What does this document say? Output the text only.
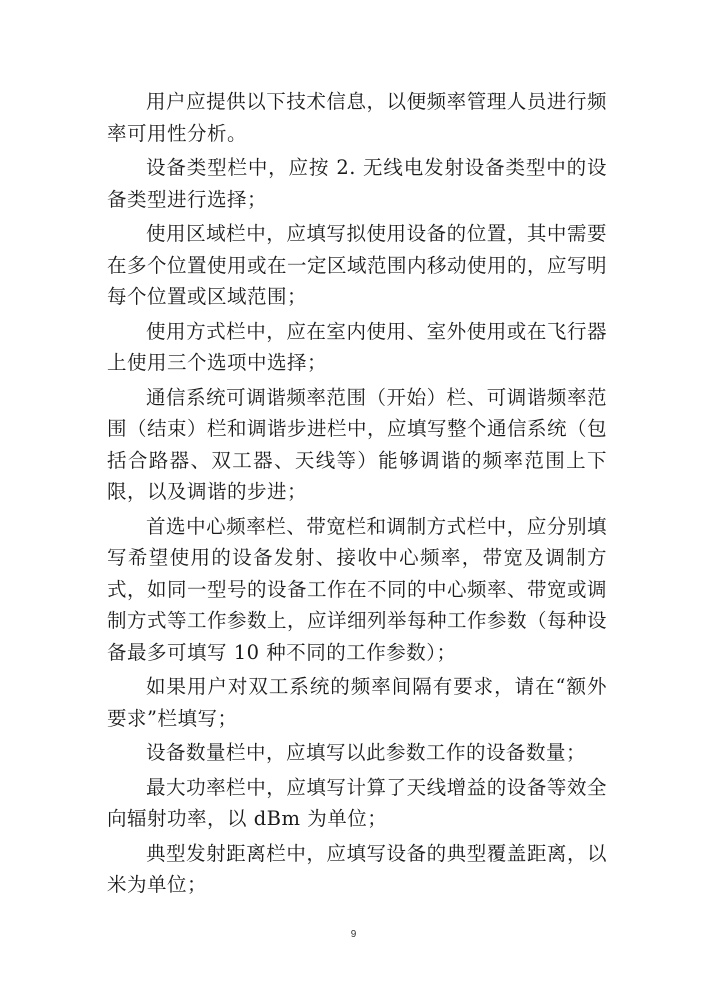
用户应提供以下技术信息，以便频率管理人员进行频率可用性分析。

设备类型栏中，应按 2. 无线电发射设备类型中的设备类型进行选择；

使用区域栏中，应填写拟使用设备的位置，其中需要在多个位置使用或在一定区域范围内移动使用的，应写明每个位置或区域范围；

使用方式栏中，应在室内使用、室外使用或在飞行器上使用三个选项中选择；

通信系统可调谐频率范围（开始）栏、可调谐频率范围（结束）栏和调谐步进栏中，应填写整个通信系统（包括合路器、双工器、天线等）能够调谐的频率范围上下限，以及调谐的步进；

首选中心频率栏、带宽栏和调制方式栏中，应分别填写希望使用的设备发射、接收中心频率，带宽及调制方式，如同一型号的设备工作在不同的中心频率、带宽或调制方式等工作参数上，应详细列举每种工作参数（每种设备最多可填写 10 种不同的工作参数）；

如果用户对双工系统的频率间隔有要求，请在“额外要求”栏填写；

设备数量栏中，应填写以此参数工作的设备数量；

最大功率栏中，应填写计算了天线增益的设备等效全向辐射功率，以 dBm 为单位；

典型发射距离栏中，应填写设备的典型覆盖距离，以米为单位；

9
